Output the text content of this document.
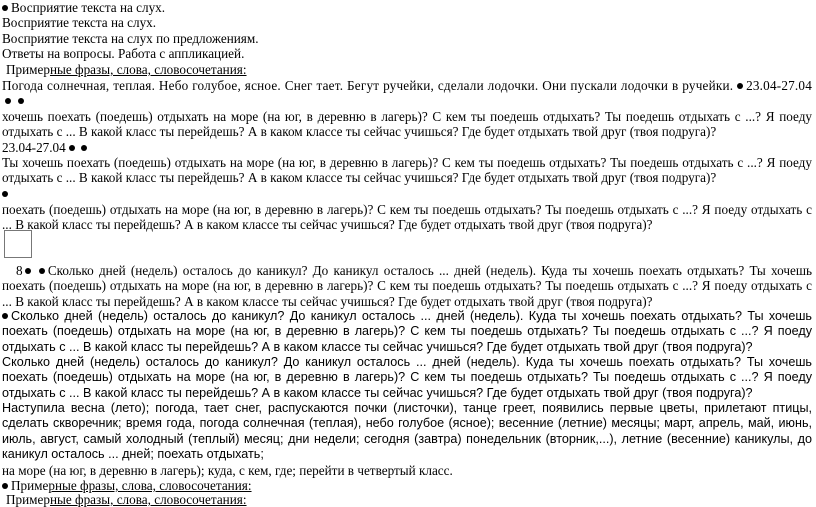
Восприятие текста на слух.
Восприятие текста на слух.
Восприятие текста на слух по предложениям.
Ответы на вопросы. Работа с аппликацией.
Примерные фразы, слова, словосочетания:
Погода солнечная, теплая. Небо голубое, ясное. Снег тает. Бегут ручейки, сделали лодочки. Они пускали лодочки в ручейки. 23.04-27.04
хочешь поехать (поедешь) отдыхать на море (на юг, в деревню в лагерь)? С кем ты поедешь отдыхать? Ты поедешь отдыхать с ...? Я поеду отдыхать с ... В какой класс ты перейдешь? А в каком классе ты сейчас учишься? Где будет отдыхать твой друг (твоя подруга)?
23.04-27.04
Ты хочешь поехать (поедешь) отдыхать на море (на юг, в деревню в лагерь)? С кем ты поедешь отдыхать? Ты поедешь отдыхать с ...? Я поеду отдыхать с ... В какой класс ты перейдешь? А в каком классе ты сейчас учишься? Где будет отдыхать твой друг (твоя подруга)?
поехать (поедешь) отдыхать на море (на юг, в деревню в лагерь)? С кем ты поедешь отдыхать? Ты поедешь отдыхать с ...? Я поеду отдыхать с ... В какой класс ты перейдешь? А в каком классе ты сейчас учишься? Где будет отдыхать твой друг (твоя подруга)?
8 Сколько дней (недель) осталось до каникул? До каникул осталось ... дней (недель). Куда ты хочешь поехать отдыхать? Ты хочешь поехать (поедешь) отдыхать на море (на юг, в деревню в лагерь)? С кем ты поедешь отдыхать? Ты поедешь отдыхать с ...? Я поеду отдыхать с ... В какой класс ты перейдешь? А в каком классе ты сейчас учишься? Где будет отдыхать твой друг (твоя подруга)?
Сколько дней (недель) осталось до каникул? До каникул осталось ... дней (недель). Куда ты хочешь поехать отдыхать? Ты хочешь поехать (поедешь) отдыхать на море (на юг, в деревню в лагерь)? С кем ты поедешь отдыхать? Ты поедешь отдыхать с ...? Я поеду отдыхать с ... В какой класс ты перейдешь? А в каком классе ты сейчас учишься? Где будет отдыхать твой друг (твоя подруга)?
Сколько дней (недель) осталось до каникул? До каникул осталось ... дней (недель). Куда ты хочешь поехать отдыхать? Ты хочешь поехать (поедешь) отдыхать на море (на юг, в деревню в лагерь)? С кем ты поедешь отдыхать? Ты поедешь отдыхать с ...? Я поеду отдыхать с ... В какой класс ты перейдешь? А в каком классе ты сейчас учишься? Где будет отдыхать твой друг (твоя подруга)?
Наступила весна (лето); погода, тает снег, распускаются почки (листочки), танце греет, появились первые цветы, прилетают птицы, сделать скворечник; время года, погода солнечная (теплая), небо голубое (ясное); весенние (летние) месяцы; март, апрель, май, июнь, июль, август, самый холодный (теплый) месяц; дни недели; сегодня (завтра) понедельник (вторник,...), летние (весенние) каникулы, до каникул осталось ... дней; поехать отдыхать;
на море (на юг, в деревню в лагерь); куда, с кем, где; перейти в четвертый класс.
Примерные фразы, слова, словосочетания:
Примерные фразы, слова, словосочетания:
